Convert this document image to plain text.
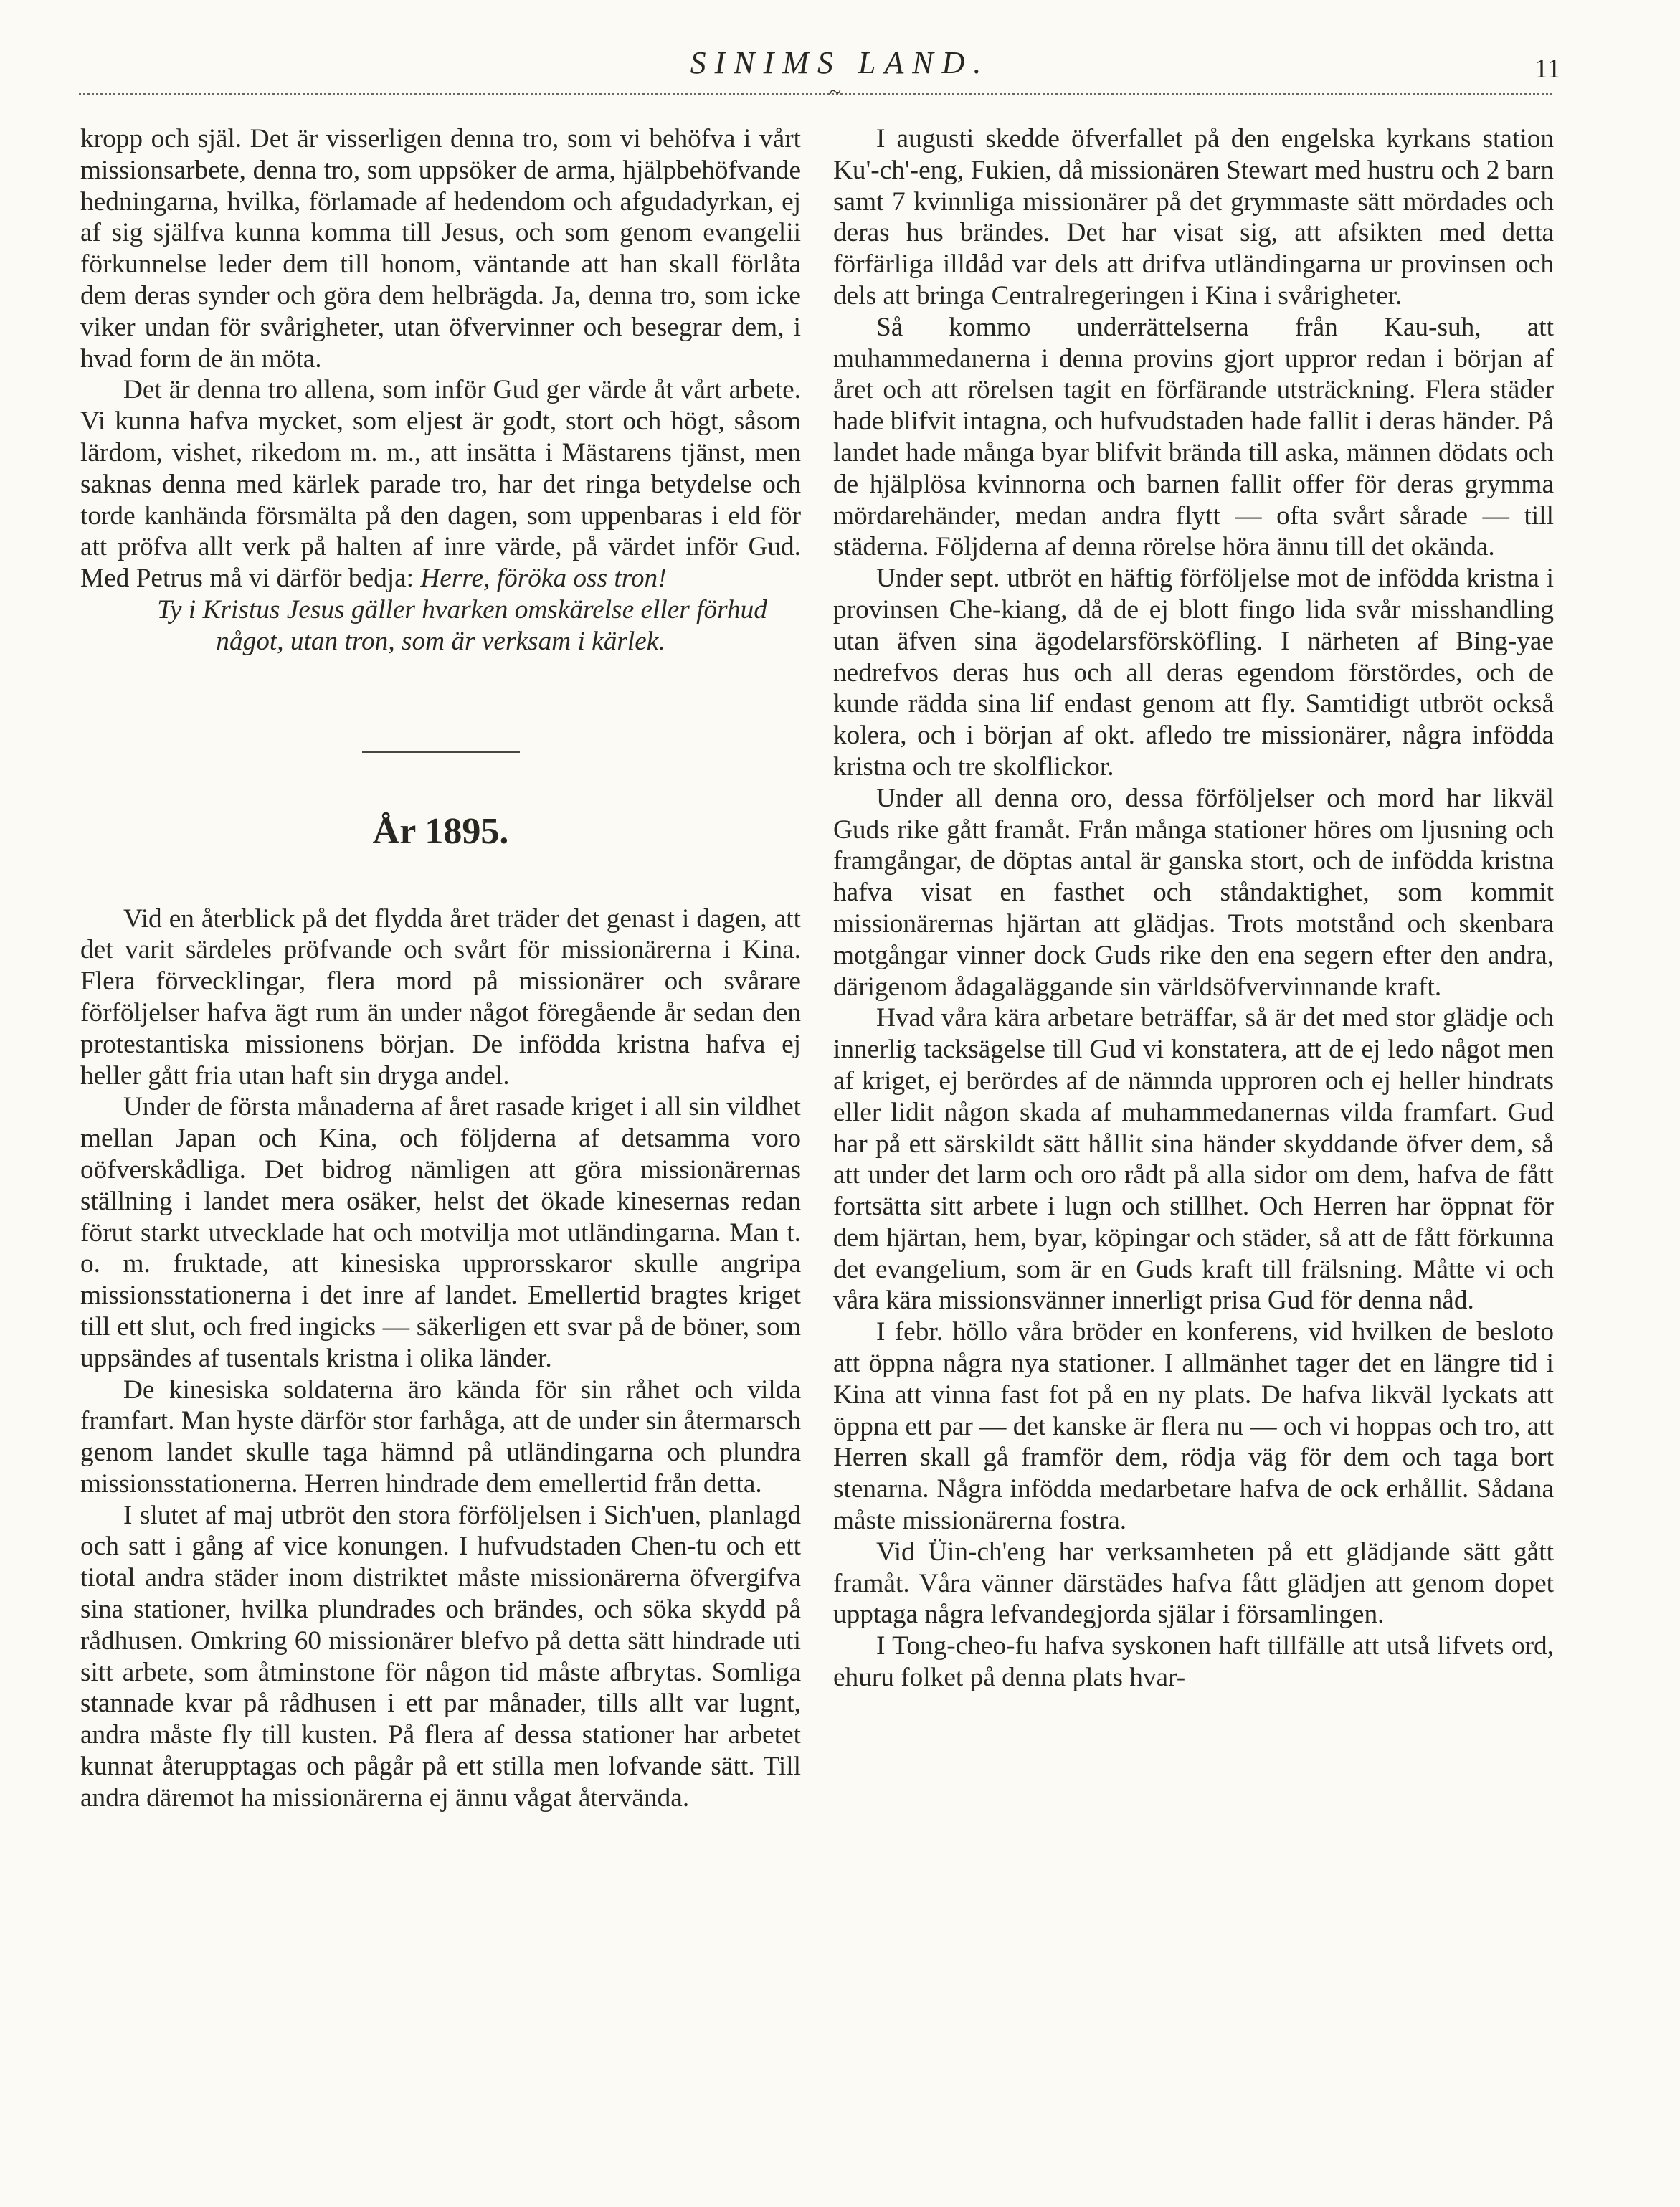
SINIMS LAND.	11
~

kropp och själ. Det är visserligen denna tro, som vi behöfva i vårt missionsarbete, denna tro, som uppsöker de arma, hjälpbehöfvande hedningarna, hvilka, förlamade af hedendom och afgudadyrkan, ej af sig själfva kunna komma till Jesus, och som genom evangelii förkunnelse leder dem till honom, väntande att han skall förlåta dem deras synder och göra dem helbrägda. Ja, denna tro, som icke viker undan för svårigheter, utan öfvervinner och besegrar dem, i hvad form de än möta.

Det är denna tro allena, som inför Gud ger värde åt vårt arbete. Vi kunna hafva mycket, som eljest är godt, stort och högt, såsom lärdom, vishet, rikedom m. m., att insätta i Mästarens tjänst, men saknas denna med kärlek parade tro, har det ringa betydelse och torde kanhända försmälta på den dagen, som uppenbaras i eld för att pröfva allt verk på halten af inre värde, på värdet inför Gud. Med Petrus må vi därför bedja: Herre, föröka oss tron!

Ty i Kristus Jesus gäller hvarken omskärelse eller förhud något, utan tron, som är verksam i kärlek.

År 1895.

Vid en återblick på det flydda året träder det genast i dagen, att det varit särdeles pröfvande och svårt för missionärerna i Kina. Flera förvecklingar, flera mord på missionärer och svårare förföljelser hafva ägt rum än under något föregående år sedan den protestantiska missionens början. De infödda kristna hafva ej heller gått fria utan haft sin dryga andel.

Under de första månaderna af året rasade kriget i all sin vildhet mellan Japan och Kina, och följderna af detsamma voro oöfverskådliga. Det bidrog nämligen att göra missionärernas ställning i landet mera osäker, helst det ökade kinesernas redan förut starkt utvecklade hat och motvilja mot utländingarna. Man t. o. m. fruktade, att kinesiska upprorsskaror skulle angripa missionsstationerna i det inre af landet. Emellertid bragtes kriget till ett slut, och fred ingicks — säkerligen ett svar på de böner, som uppsändes af tusentals kristna i olika länder.

De kinesiska soldaterna äro kända för sin råhet och vilda framfart. Man hyste därför stor farhåga, att de under sin återmarsch genom landet skulle taga hämnd på utländingarna och plundra missionsstationerna. Herren hindrade dem emellertid från detta.

I slutet af maj utbröt den stora förföljelsen i Sich'uen, planlagd och satt i gång af vice konungen. I hufvudstaden Chen-tu och ett tiotal andra städer inom distriktet måste missionärerna öfvergifva sina stationer, hvilka plundrades och brändes, och söka skydd på rådhusen. Omkring 60 missionärer blefvo på detta sätt hindrade uti sitt arbete, som åtminstone för någon tid måste afbrytas. Somliga stannade kvar på rådhusen i ett par månader, tills allt var lugnt, andra måste fly till kusten. På flera af dessa stationer har arbetet kunnat återupptagas och pågår på ett stilla men lofvande sätt. Till andra däremot ha missionärerna ej ännu vågat återvända.

I augusti skedde öfverfallet på den engelska kyrkans station Ku'-ch'-eng, Fukien, då missionären Stewart med hustru och 2 barn samt 7 kvinnliga missionärer på det grymmaste sätt mördades och deras hus brändes. Det har visat sig, att afsikten med detta förfärliga illdåd var dels att drifva utländingarna ur provinsen och dels att bringa Centralregeringen i Kina i svårigheter.

Så kommo underrättelserna från Kau-suh, att muhammedanerna i denna provins gjort uppror redan i början af året och att rörelsen tagit en förfärande utsträckning. Flera städer hade blifvit intagna, och hufvudstaden hade fallit i deras händer. På landet hade många byar blifvit brända till aska, männen dödats och de hjälplösa kvinnorna och barnen fallit offer för deras grymma mördarehänder, medan andra flytt — ofta svårt sårade — till städerna. Följderna af denna rörelse höra ännu till det okända.

Under sept. utbröt en häftig förföljelse mot de infödda kristna i provinsen Che-kiang, då de ej blott fingo lida svår misshandling utan äfven sina ägodelarsförsköfling. I närheten af Bing-yae nedrefvos deras hus och all deras egendom förstördes, och de kunde rädda sina lif endast genom att fly. Samtidigt utbröt också kolera, och i början af okt. afledo tre missionärer, några infödda kristna och tre skolflickor.

Under all denna oro, dessa förföljelser och mord har likväl Guds rike gått framåt. Från många stationer höres om ljusning och framgångar, de döptas antal är ganska stort, och de infödda kristna hafva visat en fasthet och ståndaktighet, som kommit missionärernas hjärtan att glädjas. Trots motstånd och skenbara motgångar vinner dock Guds rike den ena segern efter den andra, därigenom ådagaläggande sin världsöfvervinnande kraft.

Hvad våra kära arbetare beträffar, så är det med stor glädje och innerlig tacksägelse till Gud vi konstatera, att de ej ledo något men af kriget, ej berördes af de nämnda upproren och ej heller hindrats eller lidit någon skada af muhammedanernas vilda framfart. Gud har på ett särskildt sätt hållit sina händer skyddande öfver dem, så att under det larm och oro rådt på alla sidor om dem, hafva de fått fortsätta sitt arbete i lugn och stillhet. Och Herren har öppnat för dem hjärtan, hem, byar, köpingar och städer, så att de fått förkunna det evangelium, som är en Guds kraft till frälsning. Måtte vi och våra kära missionsvänner innerligt prisa Gud för denna nåd.

I febr. höllo våra bröder en konferens, vid hvilken de besloto att öppna några nya stationer. I allmänhet tager det en längre tid i Kina att vinna fast fot på en ny plats. De hafva likväl lyckats att öppna ett par — det kanske är flera nu — och vi hoppas och tro, att Herren skall gå framför dem, rödja väg för dem och taga bort stenarna. Några infödda medarbetare hafva de ock erhållit. Sådana måste missionärerna fostra.

Vid Üin-ch'eng har verksamheten på ett glädjande sätt gått framåt. Våra vänner därstädes hafva fått glädjen att genom dopet upptaga några lefvandegjorda själar i församlingen.

I Tong-cheo-fu hafva syskonen haft tillfälle att utså lifvets ord, ehuru folket på denna plats hvar-
